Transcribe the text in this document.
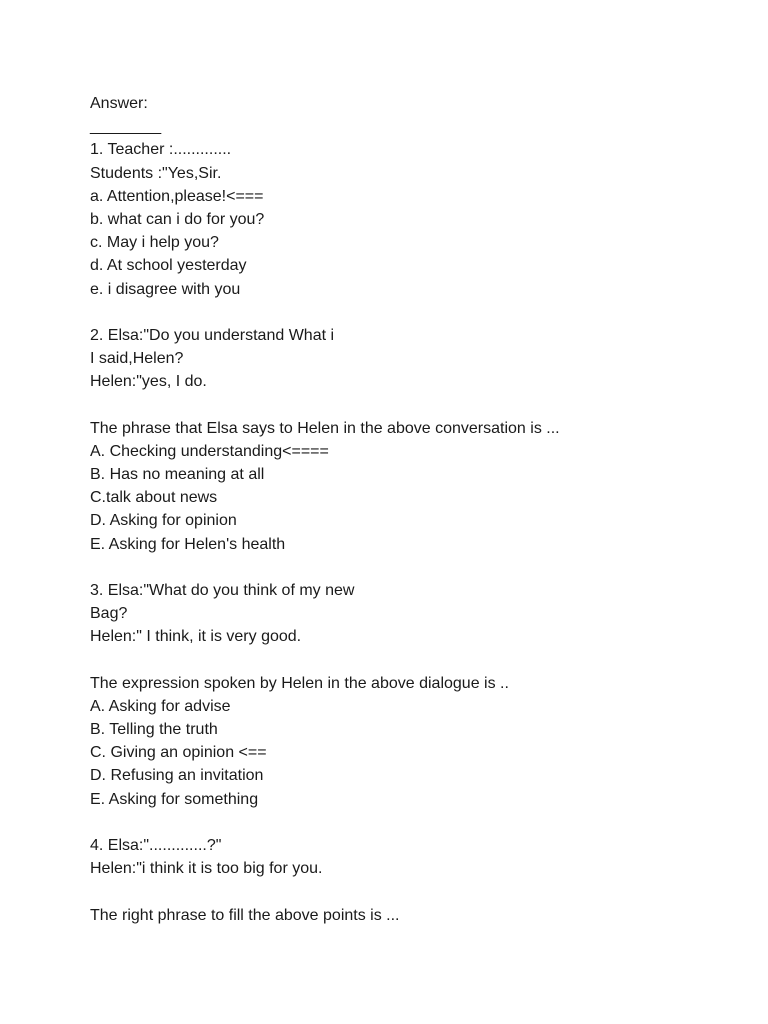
Answer:
________
1. Teacher :.............
Students :"Yes,Sir.
a. Attention,please!<===
b. what can i do for you?
c. May i help you?
d. At school yesterday
e. i disagree with you
2. Elsa:"Do you understand What i
I said,Helen?
Helen:"yes, I do.
The phrase that Elsa says to Helen in the above conversation is ...
A. Checking understanding<====
B. Has no meaning at all
C.talk about news
D. Asking for opinion
E. Asking for Helen's health
3. Elsa:"What do you think of my new
Bag?
Helen:" I think, it is very good.
The expression spoken by Helen in the above dialogue is ..
A. Asking for advise
B. Telling the truth
C. Giving an opinion <==
D. Refusing an invitation
E. Asking for something
4. Elsa:".............?"
Helen:"i think it is too big for you.
The right phrase to fill the above points is ...
